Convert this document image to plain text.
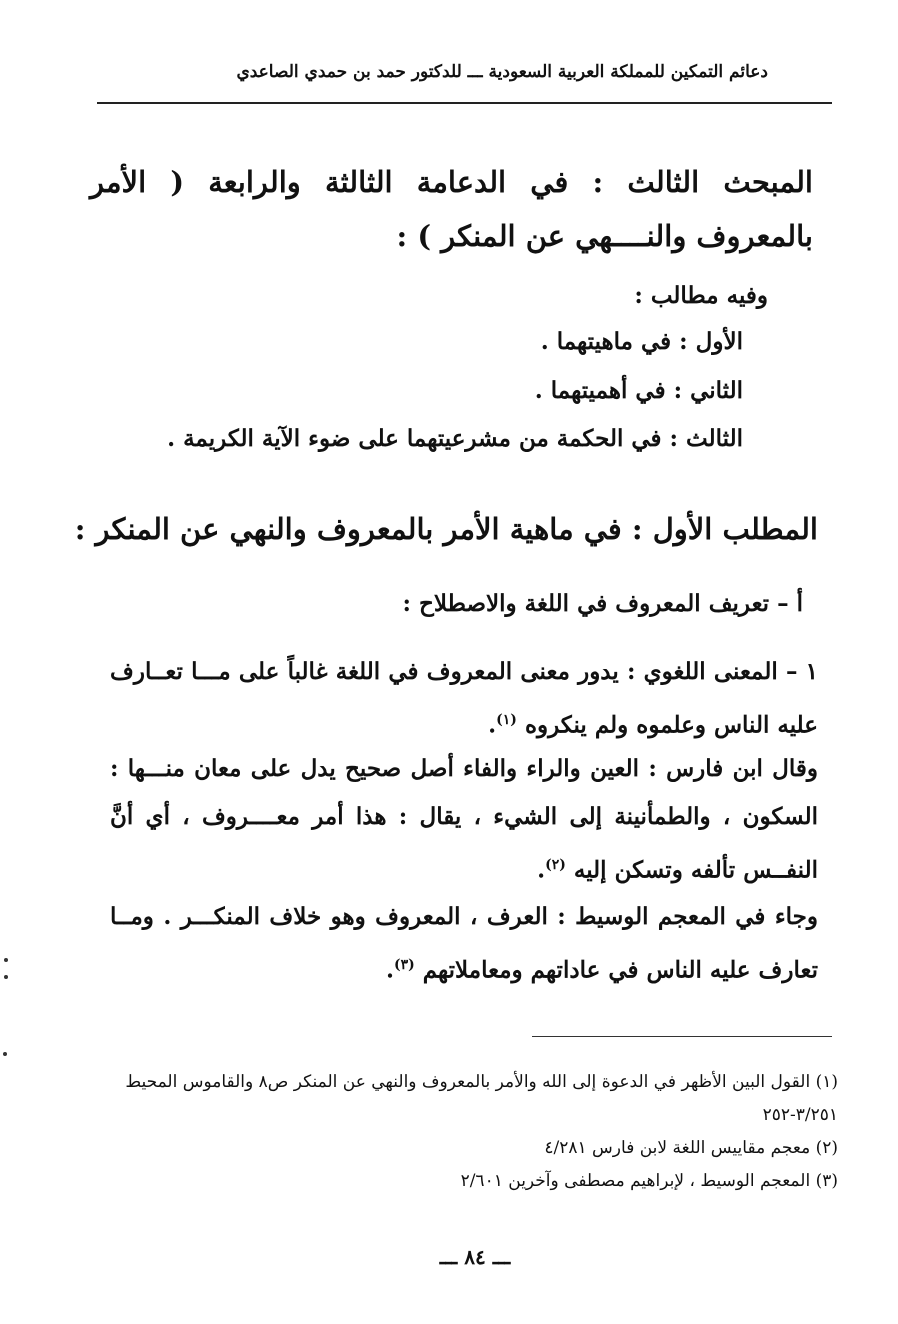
دعائم التمكين للمملكة العربية السعودية ـــ للدكتور حمد بن حمدي الصاعدي
المبحث الثالث : في الدعامة الثالثة والرابعة ( الأمر بالمعروف والنــــهي عن المنكر ) :
وفيه مطالب :
الأول : في ماهيتهما .
الثاني : في أهميتهما .
الثالث : في الحكمة من مشرعيتهما على ضوء الآية الكريمة .
المطلب الأول : في ماهية الأمر بالمعروف والنهي عن المنكر :
أ – تعريف المعروف في اللغة والاصطلاح :
١ – المعنى اللغوي : يدور معنى المعروف في اللغة غالباً على مـــا تعــارف عليه الناس وعلموه ولم ينكروه $^{(١)}$.
وقال ابن فارس : العين والراء والفاء أصل صحيح يدل على معان منـــها : السكون ، والطمأنينة إلى الشيء ، يقال : هذا أمر معــــروف ، أي أنَّ النفــس تألفه وتسكن إليه $^{(٢)}$.
وجاء في المعجم الوسيط : العرف ، المعروف وهو خلاف المنكـــر . ومــا تعارف عليه الناس في عاداتهم ومعاملاتهم $^{(٣)}$.

(١) القول البين الأظهر في الدعوة إلى الله والأمر بالمعروف والنهي عن المنكر ص٨ والقاموس المحيط ٣/٢٥١-٢٥٢

(٢) معجم مقاييس اللغة لابن فارس ٤/٢٨١

(٣) المعجم الوسيط ، لإبراهيم مصطفى وآخرين ٢/٦٠١

ـــ ٨٤ ـــ
